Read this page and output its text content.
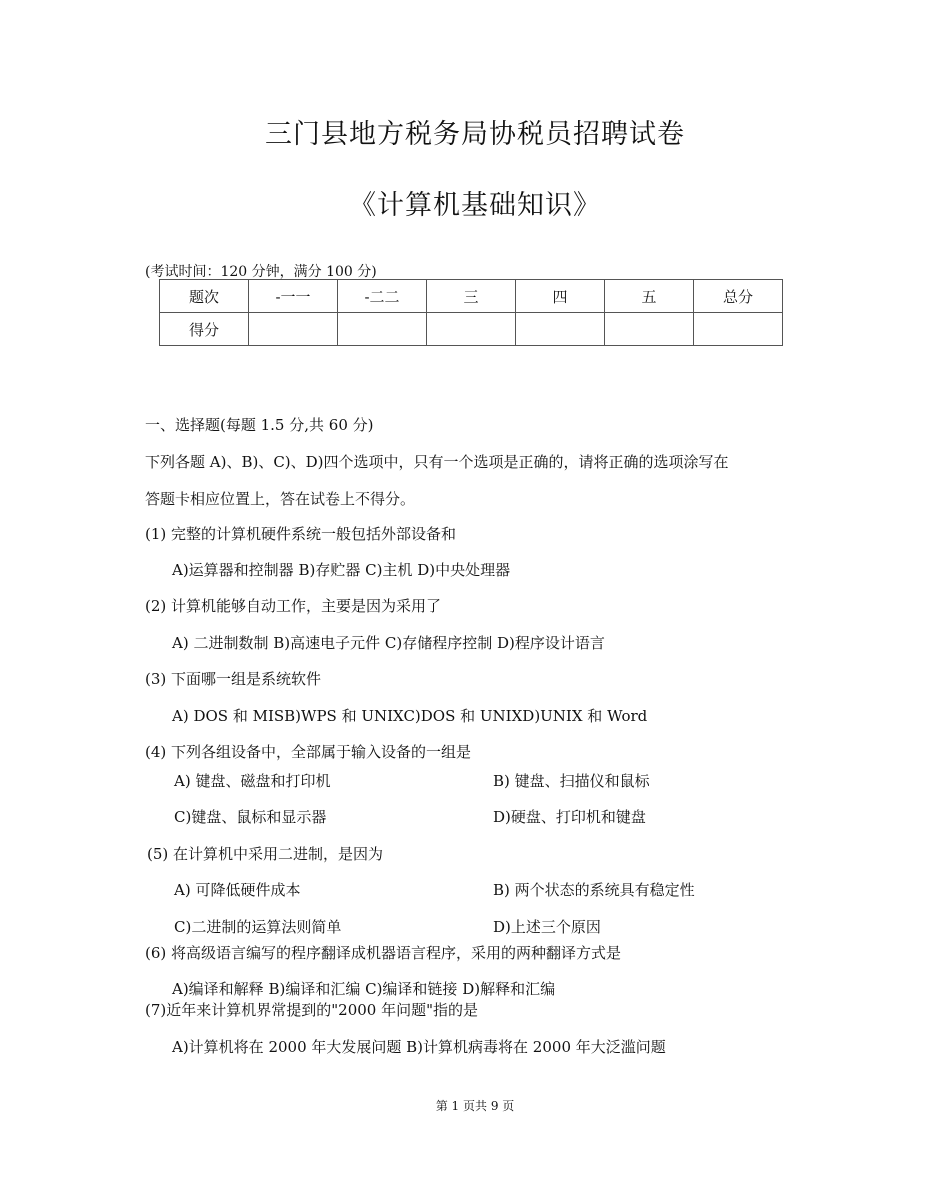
三门县地方税务局协税员招聘试卷
《计算机基础知识》
(考试时间：120 分钟，满分 100 分)
题次	-一一	-二二	三	四	五	总分
得分						
一、选择题(每题 1.5 分,共 60 分)
下列各题 A)、B)、C)、D)四个选项中，只有一个选项是正确的，请将正确的选项涂写在
答题卡相应位置上，答在试卷上不得分。
(1) 完整的计算机硬件系统一般包括外部设备和
A)运算器和控制器 B)存贮器 C)主机 D)中央处理器
(2) 计算机能够自动工作，主要是因为采用了
A) 二进制数制 B)高速电子元件 C)存储程序控制 D)程序设计语言
(3) 下面哪一组是系统软件
A) DOS 和 MISB)WPS 和 UNIXC)DOS 和 UNIXD)UNIX 和 Word
(4) 下列各组设备中，全部属于输入设备的一组是
A) 键盘、磁盘和打印机	B) 键盘、扫描仪和鼠标
C)键盘、鼠标和显示器	D)硬盘、打印机和键盘
(5) 在计算机中采用二进制，是因为
A) 可降低硬件成本	B) 两个状态的系统具有稳定性
C)二进制的运算法则简单	D)上述三个原因
(6) 将高级语言编写的程序翻译成机器语言程序，采用的两种翻译方式是
A)编译和解释 B)编译和汇编 C)编译和链接 D)解释和汇编
(7)近年来计算机界常提到的"2000 年问题"指的是
A)计算机将在 2000 年大发展问题 B)计算机病毒将在 2000 年大泛滥问题
第 1 页共 9 页
